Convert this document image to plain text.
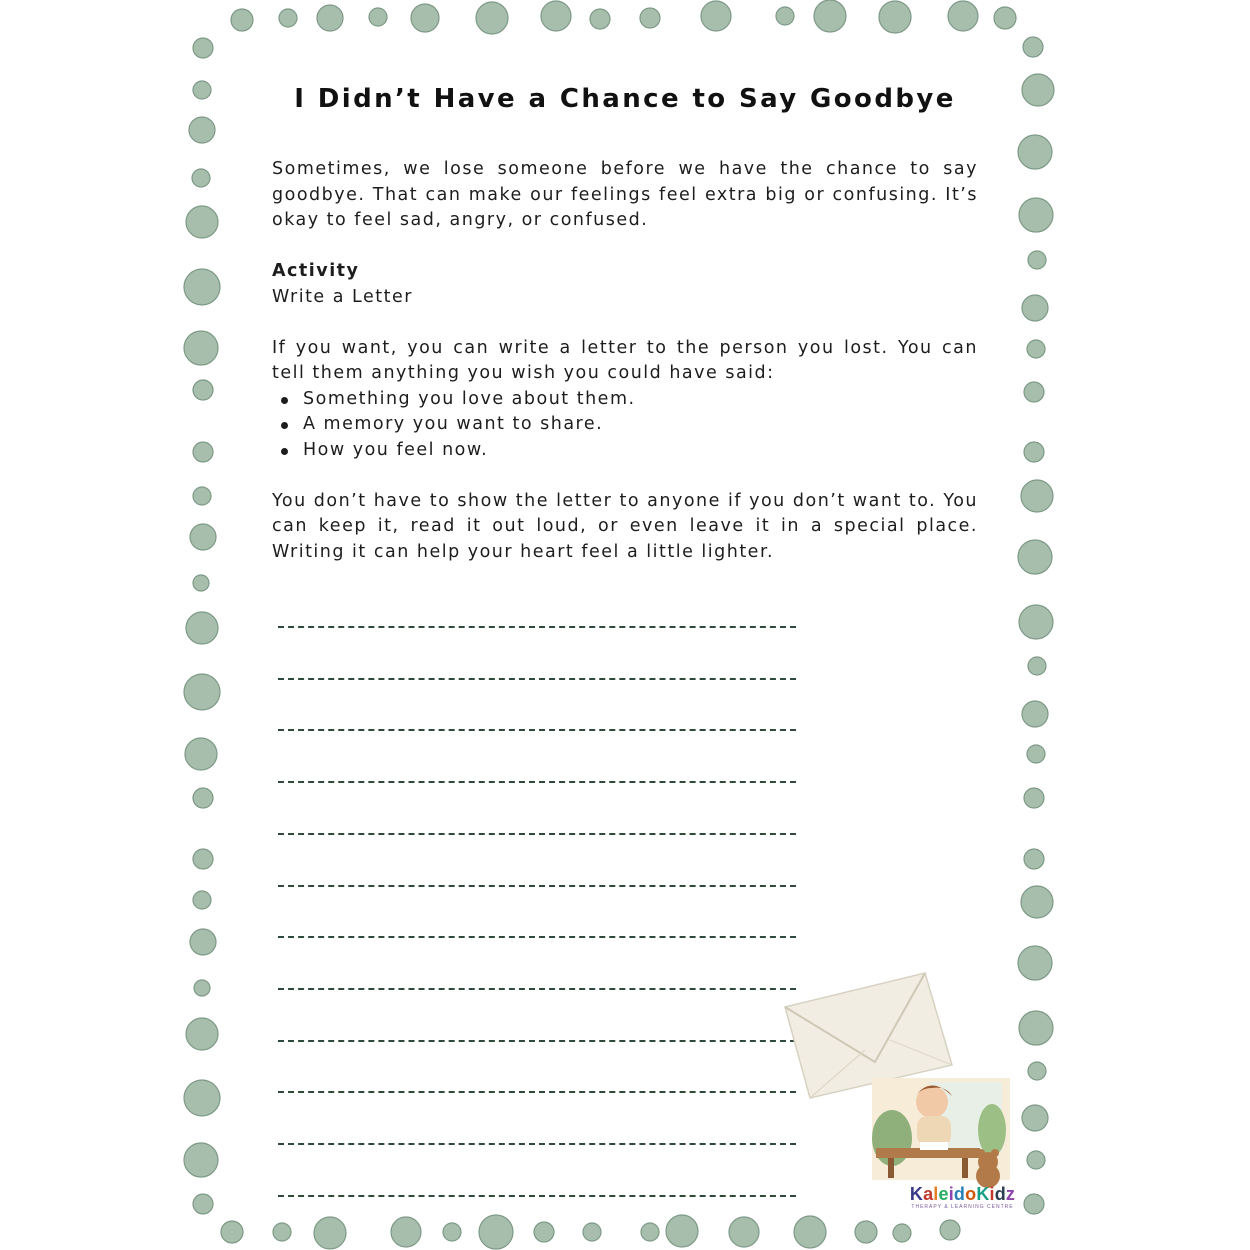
I Didn’t Have a Chance to Say Goodbye

Sometimes, we lose someone before we have the chance to say goodbye. That can make our feelings feel extra big or confusing. It’s okay to feel sad, angry, or confused.

Activity

Write a Letter

If you want, you can write a letter to the person you lost. You can tell them anything you wish you could have said:

Something you love about them.
A memory you want to share.
How you feel now.

You don’t have to show the letter to anyone if you don’t want to. You can keep it, read it out loud, or even leave it in a special place. Writing it can help your heart feel a little lighter.

KaleidoKidz
THERAPY & LEARNING CENTRE
